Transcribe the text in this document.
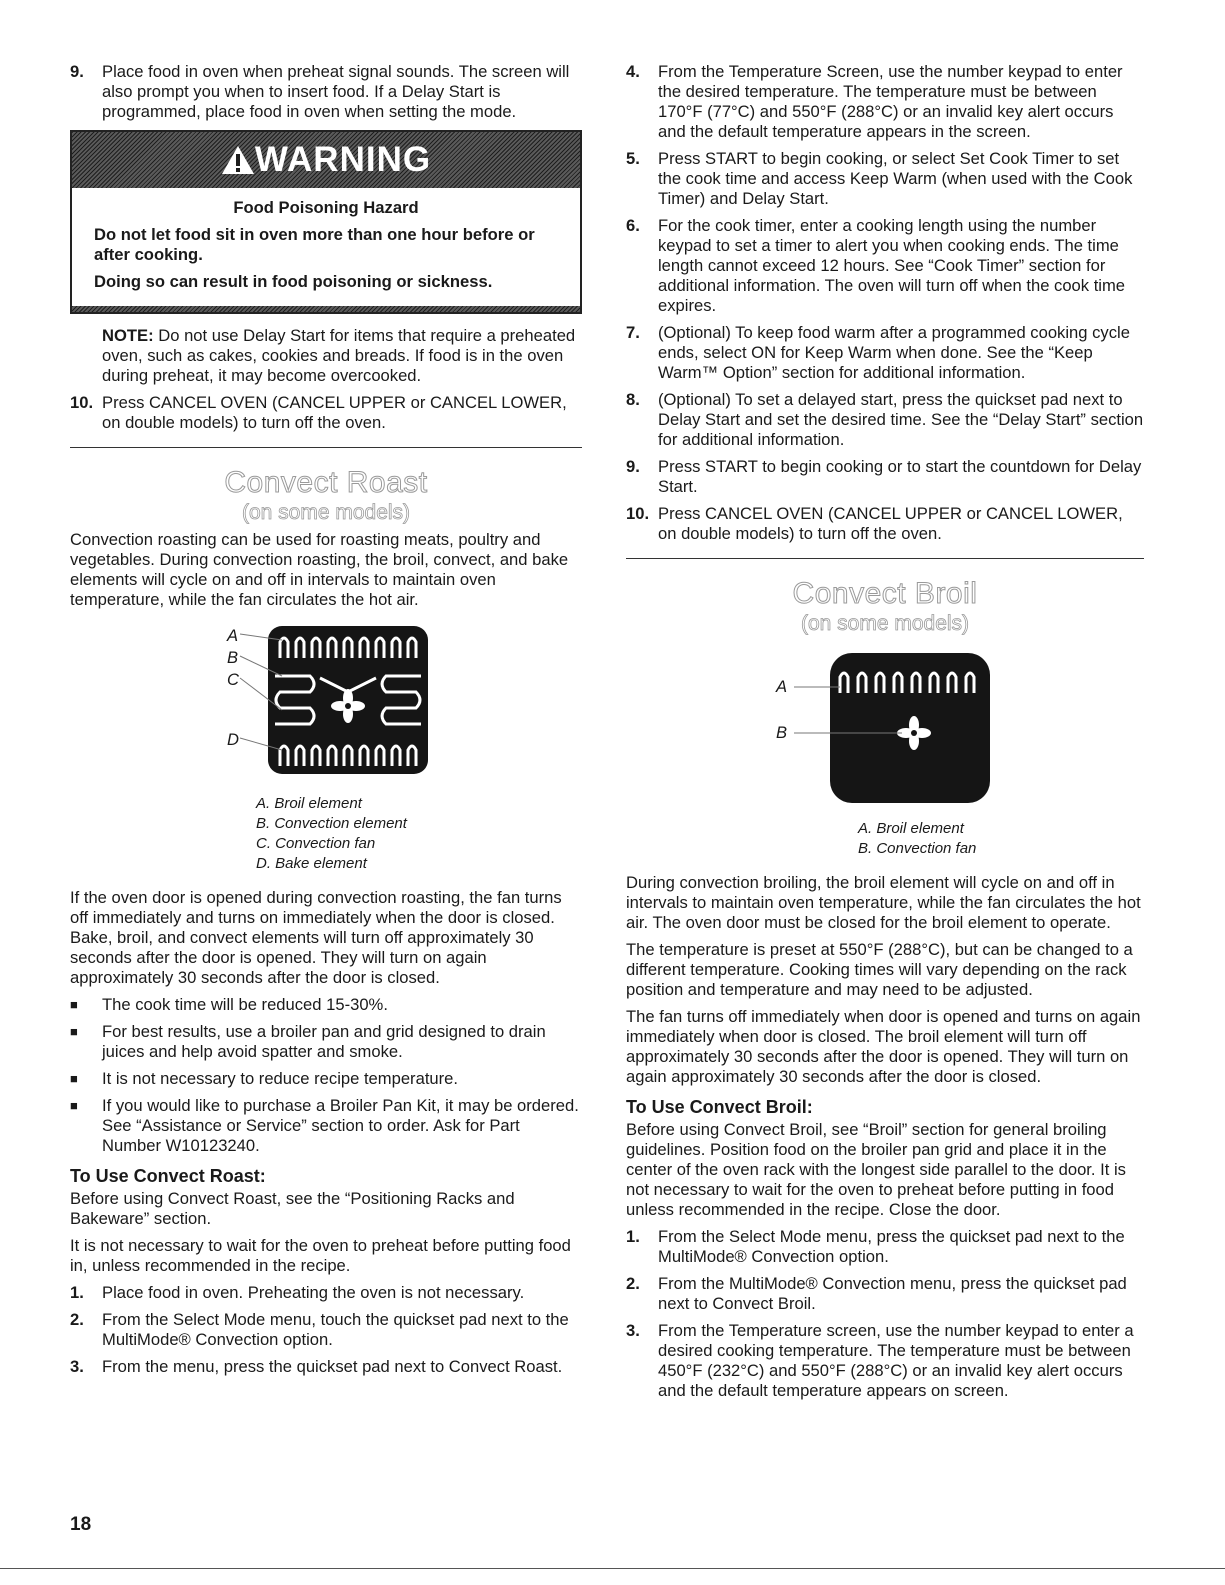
9.	Place food in oven when preheat signal sounds. The screen will also prompt you when to insert food. If a Delay Start is programmed, place food in oven when setting the mode.
WARNING

Food Poisoning Hazard

Do not let food sit in oven more than one hour before or after cooking.

Doing so can result in food poisoning or sickness.

NOTE: Do not use Delay Start for items that require a preheated oven, such as cakes, cookies and breads. If food is in the oven during preheat, it may become overcooked.

10. Press CANCEL OVEN (CANCEL UPPER or CANCEL LOWER, on double models) to turn off the oven.
Convect Roast
(on some models)

Convection roasting can be used for roasting meats, poultry and vegetables. During convection roasting, the broil, convect, and bake elements will cycle on and off in intervals to maintain oven temperature, while the fan circulates the hot air.

A
B
C
D
A. Broil element
B. Convection element
C. Convection fan
D. Bake element

If the oven door is opened during convection roasting, the fan turns off immediately and turns on immediately when the door is closed. Bake, broil, and convect elements will turn off approximately 30 seconds after the door is opened. They will turn on again approximately 30 seconds after the door is closed.

■	The cook time will be reduced 15-30%.
■	For best results, use a broiler pan and grid designed to drain juices and help avoid spatter and smoke.
■	It is not necessary to reduce recipe temperature.
■	If you would like to purchase a Broiler Pan Kit, it may be ordered. See “Assistance or Service” section to order. Ask for Part Number W10123240.
To Use Convect Roast:

Before using Convect Roast, see the “Positioning Racks and Bakeware” section.

It is not necessary to wait for the oven to preheat before putting food in, unless recommended in the recipe.

1.	Place food in oven. Preheating the oven is not necessary.
2.	From the Select Mode menu, touch the quickset pad next to the MultiMode® Convection option.
3.	From the menu, press the quickset pad next to Convect Roast.
4.	From the Temperature Screen, use the number keypad to enter the desired temperature. The temperature must be between 170°F (77°C) and 550°F (288°C) or an invalid key alert occurs and the default temperature appears in the screen.
5.	Press START to begin cooking, or select Set Cook Timer to set the cook time and access Keep Warm (when used with the Cook Timer) and Delay Start.
6.	For the cook timer, enter a cooking length using the number keypad to set a timer to alert you when cooking ends. The time length cannot exceed 12 hours. See “Cook Timer” section for additional information. The oven will turn off when the cook time expires.
7.	(Optional) To keep food warm after a programmed cooking cycle ends, select ON for Keep Warm when done. See the “Keep Warm™ Option” section for additional information.
8.	(Optional) To set a delayed start, press the quickset pad next to Delay Start and set the desired time. See the “Delay Start” section for additional information.
9.	Press START to begin cooking or to start the countdown for Delay Start.
10. Press CANCEL OVEN (CANCEL UPPER or CANCEL LOWER, on double models) to turn off the oven.
Convect Broil
(on some models)
A
B
A. Broil element
B. Convection fan

During convection broiling, the broil element will cycle on and off in intervals to maintain oven temperature, while the fan circulates the hot air. The oven door must be closed for the broil element to operate.

The temperature is preset at 550°F (288°C), but can be changed to a different temperature. Cooking times will vary depending on the rack position and temperature and may need to be adjusted.

The fan turns off immediately when door is opened and turns on again immediately when door is closed. The broil element will turn off approximately 30 seconds after the door is opened. They will turn on again approximately 30 seconds after the door is closed.

To Use Convect Broil:

Before using Convect Broil, see “Broil” section for general broiling guidelines. Position food on the broiler pan grid and place it in the center of the oven rack with the longest side parallel to the door. It is not necessary to wait for the oven to preheat before putting in food unless recommended in the recipe. Close the door.

1.	From the Select Mode menu, press the quickset pad next to the MultiMode® Convection option.
2.	From the MultiMode® Convection menu, press the quickset pad next to Convect Broil.
3.	From the Temperature screen, use the number keypad to enter a desired cooking temperature. The temperature must be between 450°F (232°C) and 550°F (288°C) or an invalid key alert occurs and the default temperature appears on screen.
18
